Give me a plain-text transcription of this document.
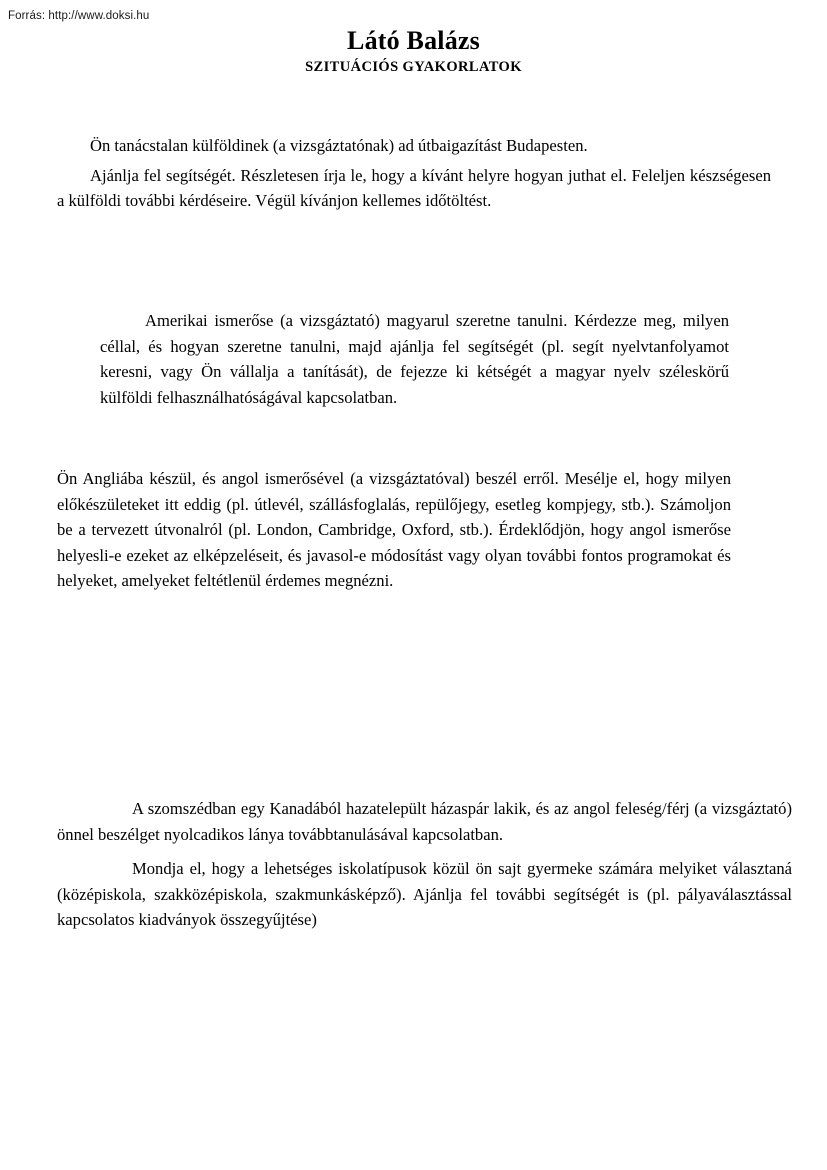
Forrás: http://www.doksi.hu
Látó Balázs
SZITUÁCIÓS GYAKORLATOK

Ön tanácstalan külföldinek (a vizsgáztatónak) ad útbaigazítást Budapesten.

Ajánlja fel segítségét. Részletesen írja le, hogy a kívánt helyre hogyan juthat el. Feleljen készségesen a külföldi további kérdéseire. Végül kívánjon kellemes időtöltést.

Amerikai ismerőse (a vizsgáztató) magyarul szeretne tanulni. Kérdezze meg, milyen céllal, és hogyan szeretne tanulni, majd ajánlja fel segítségét (pl. segít nyelvtanfolyamot keresni, vagy Ön vállalja a tanítását), de fejezze ki kétségét a magyar nyelv széleskörű külföldi felhasználhatóságával kapcsolatban.

Ön Angliába készül, és angol ismerősével (a vizsgáztatóval) beszél erről. Mesélje el, hogy milyen előkészületeket itt eddig (pl. útlevél, szállásfoglalás, repülőjegy, esetleg kompjegy, stb.). Számoljon be a tervezett útvonalról (pl. London, Cambridge, Oxford, stb.). Érdeklődjön, hogy angol ismerőse helyesli-e ezeket az elképzeléseit, és javasol-e módosítást vagy olyan további fontos programokat és helyeket, amelyeket feltétlenül érdemes megnézni.

A szomszédban egy Kanadából hazatelepült házaspár lakik, és az angol feleség/férj (a vizsgáztató) önnel beszélget nyolcadikos lánya továbbtanulásával kapcsolatban.

Mondja el, hogy a lehetséges iskolatípusok közül ön sajt gyermeke számára melyiket választaná (középiskola, szakközépiskola, szakmunkásképző). Ajánlja fel további segítségét is (pl. pályaválasztással kapcsolatos kiadványok összegyűjtése)
